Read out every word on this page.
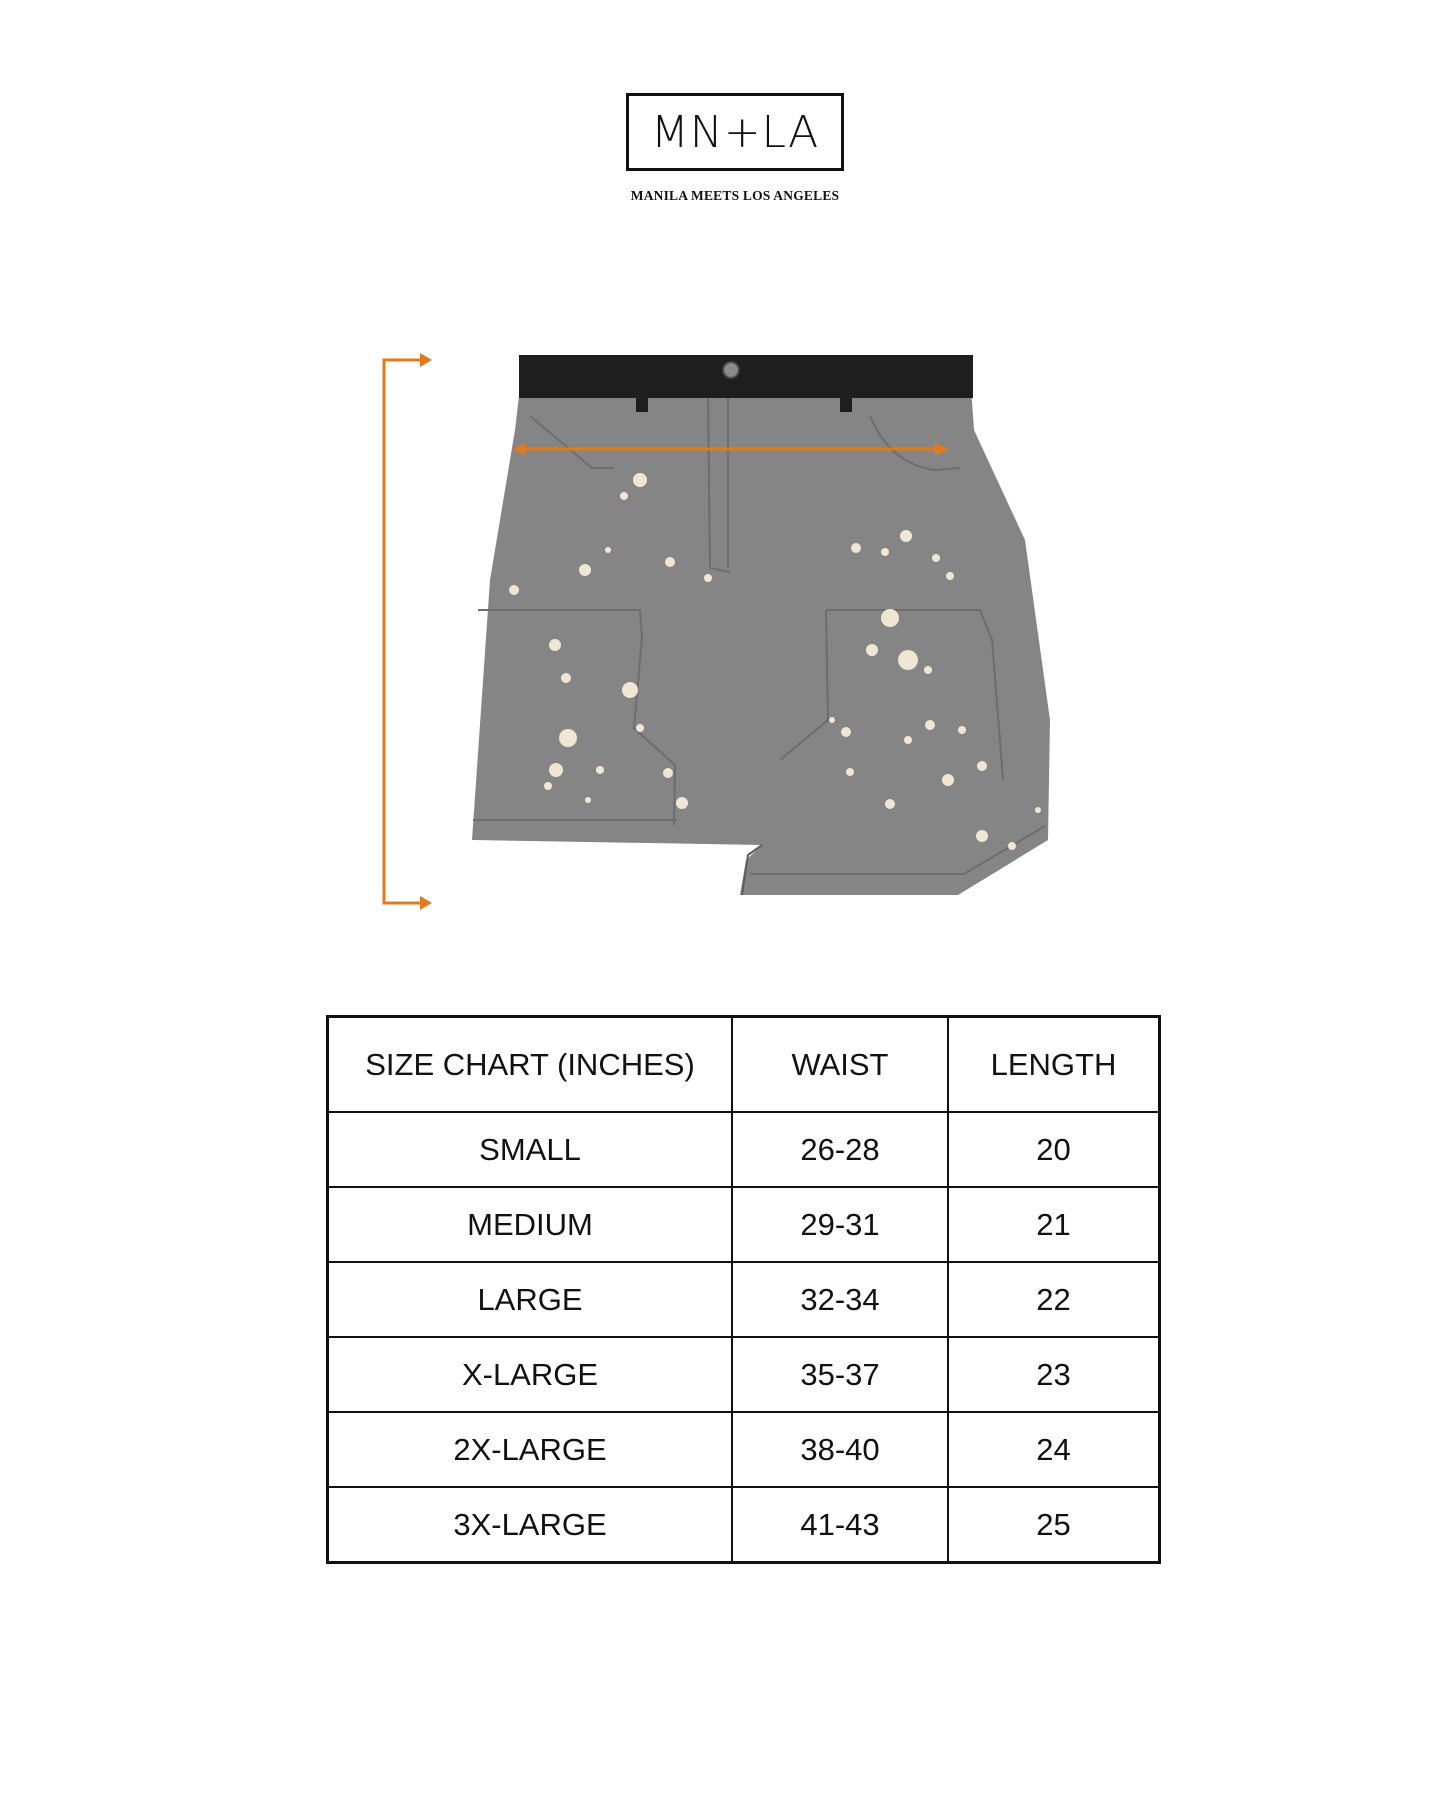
MN+LA
MANILA MEETS LOS ANGELES
SIZE CHART (INCHES)	WAIST	LENGTH
SMALL	26-28	20
MEDIUM	29-31	21
LARGE	32-34	22
X-LARGE	35-37	23
2X-LARGE	38-40	24
3X-LARGE	41-43	25
